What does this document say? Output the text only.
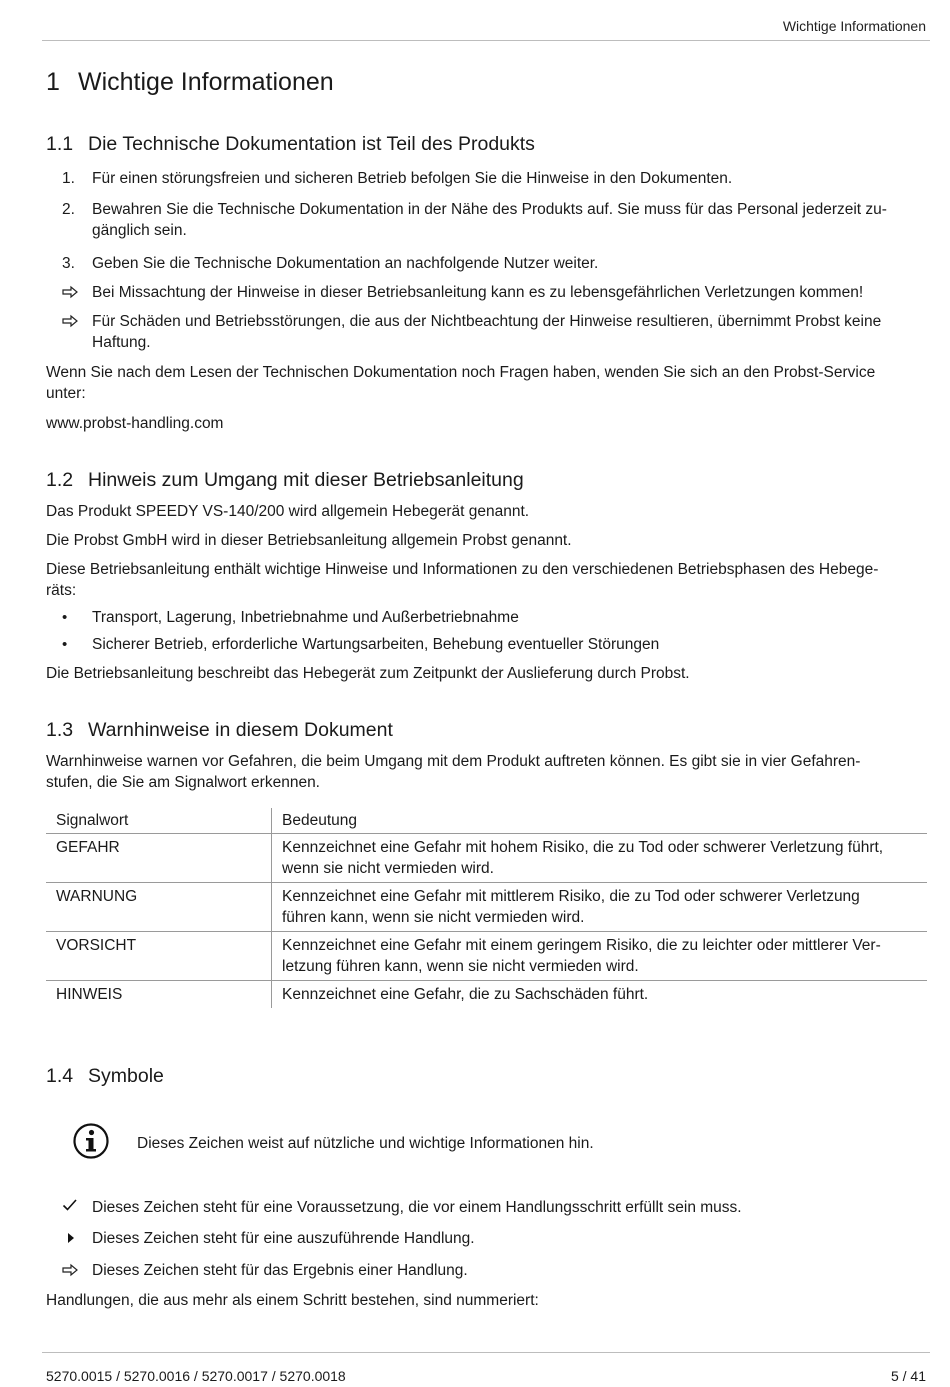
Wichtige Informationen
1 Wichtige Informationen
1.1 Die Technische Dokumentation ist Teil des Produkts
1.	Für einen störungsfreien und sicheren Betrieb befolgen Sie die Hinweise in den Dokumenten.
2.	Bewahren Sie die Technische Dokumentation in der Nähe des Produkts auf. Sie muss für das Personal jederzeit zu-
gänglich sein.
3.	Geben Sie die Technische Dokumentation an nachfolgende Nutzer weiter.
Bei Missachtung der Hinweise in dieser Betriebsanleitung kann es zu lebensgefährlichen Verletzungen kommen!
Für Schäden und Betriebsstörungen, die aus der Nichtbeachtung der Hinweise resultieren, übernimmt Probst keine
Haftung.
Wenn Sie nach dem Lesen der Technischen Dokumentation noch Fragen haben, wenden Sie sich an den Probst-Service
unter:
www.probst-handling.com
1.2 Hinweis zum Umgang mit dieser Betriebsanleitung
Das Produkt SPEEDY VS-140/200 wird allgemein Hebegerät genannt.
Die Probst GmbH wird in dieser Betriebsanleitung allgemein Probst genannt.
Diese Betriebsanleitung enthält wichtige Hinweise und Informationen zu den verschiedenen Betriebsphasen des Hebege-
räts:
• Transport, Lagerung, Inbetriebnahme und Außerbetriebnahme
• Sicherer Betrieb, erforderliche Wartungsarbeiten, Behebung eventueller Störungen
Die Betriebsanleitung beschreibt das Hebegerät zum Zeitpunkt der Auslieferung durch Probst.
1.3 Warnhinweise in diesem Dokument
Warnhinweise warnen vor Gefahren, die beim Umgang mit dem Produkt auftreten können. Es gibt sie in vier Gefahren-
stufen, die Sie am Signalwort erkennen.
Signalwort	Bedeutung
GEFAHR	Kennzeichnet eine Gefahr mit hohem Risiko, die zu Tod oder schwerer Verletzung führt,
wenn sie nicht vermieden wird.

WARNUNG	Kennzeichnet eine Gefahr mit mittlerem Risiko, die zu Tod oder schwerer Verletzung
führen kann, wenn sie nicht vermieden wird.

VORSICHT	Kennzeichnet eine Gefahr mit einem geringem Risiko, die zu leichter oder mittlerer Ver-
letzung führen kann, wenn sie nicht vermieden wird.

HINWEIS	Kennzeichnet eine Gefahr, die zu Sachschäden führt.
1.4 Symbole
Dieses Zeichen weist auf nützliche und wichtige Informationen hin.
Dieses Zeichen steht für eine Voraussetzung, die vor einem Handlungsschritt erfüllt sein muss.
Dieses Zeichen steht für eine auszuführende Handlung.
Dieses Zeichen steht für das Ergebnis einer Handlung.
Handlungen, die aus mehr als einem Schritt bestehen, sind nummeriert:
5270.0015 / 5270.0016 / 5270.0017 / 5270.0018	5 / 41
